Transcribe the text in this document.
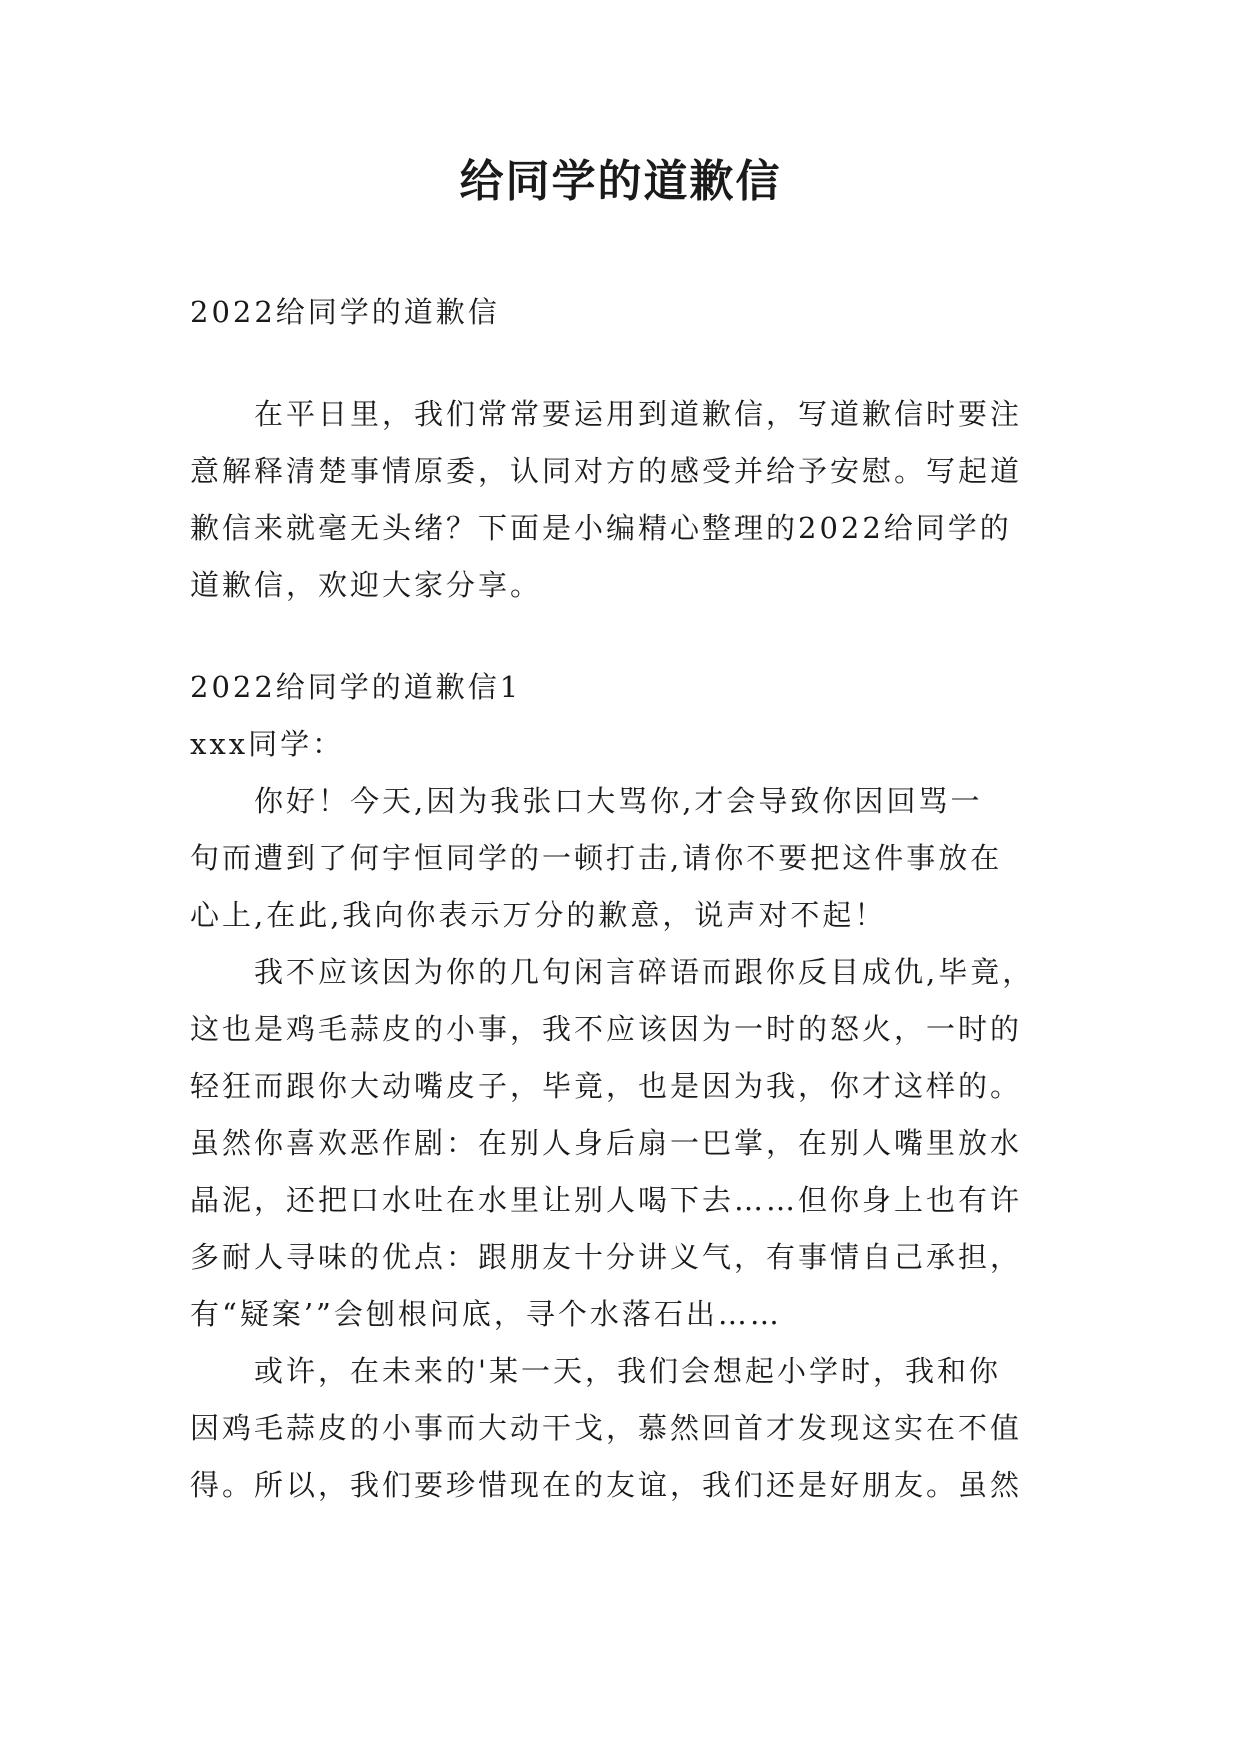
给同学的道歉信

2022给同学的道歉信

　　在平日里，我们常常要运用到道歉信，写道歉信时要注

意解释清楚事情原委，认同对方的感受并给予安慰。写起道

歉信来就毫无头绪？下面是小编精心整理的2022给同学的

道歉信，欢迎大家分享。

2022给同学的道歉信1

xxx同学：

　　你好！今天,因为我张口大骂你,才会导致你因回骂一

句而遭到了何宇恒同学的一顿打击,请你不要把这件事放在

心上,在此,我向你表示万分的歉意，说声对不起！

　　我不应该因为你的几句闲言碎语而跟你反目成仇,毕竟，

这也是鸡毛蒜皮的小事，我不应该因为一时的怒火，一时的

轻狂而跟你大动嘴皮子，毕竟，也是因为我，你才这样的。

虽然你喜欢恶作剧：在别人身后扇一巴掌，在别人嘴里放水

晶泥，还把口水吐在水里让别人喝下去……但你身上也有许

多耐人寻味的优点：跟朋友十分讲义气，有事情自己承担，

有“疑案’”会刨根问底，寻个水落石出……

　　或许，在未来的'某一天，我们会想起小学时，我和你

因鸡毛蒜皮的小事而大动干戈，慕然回首才发现这实在不值

得。所以，我们要珍惜现在的友谊，我们还是好朋友。虽然
